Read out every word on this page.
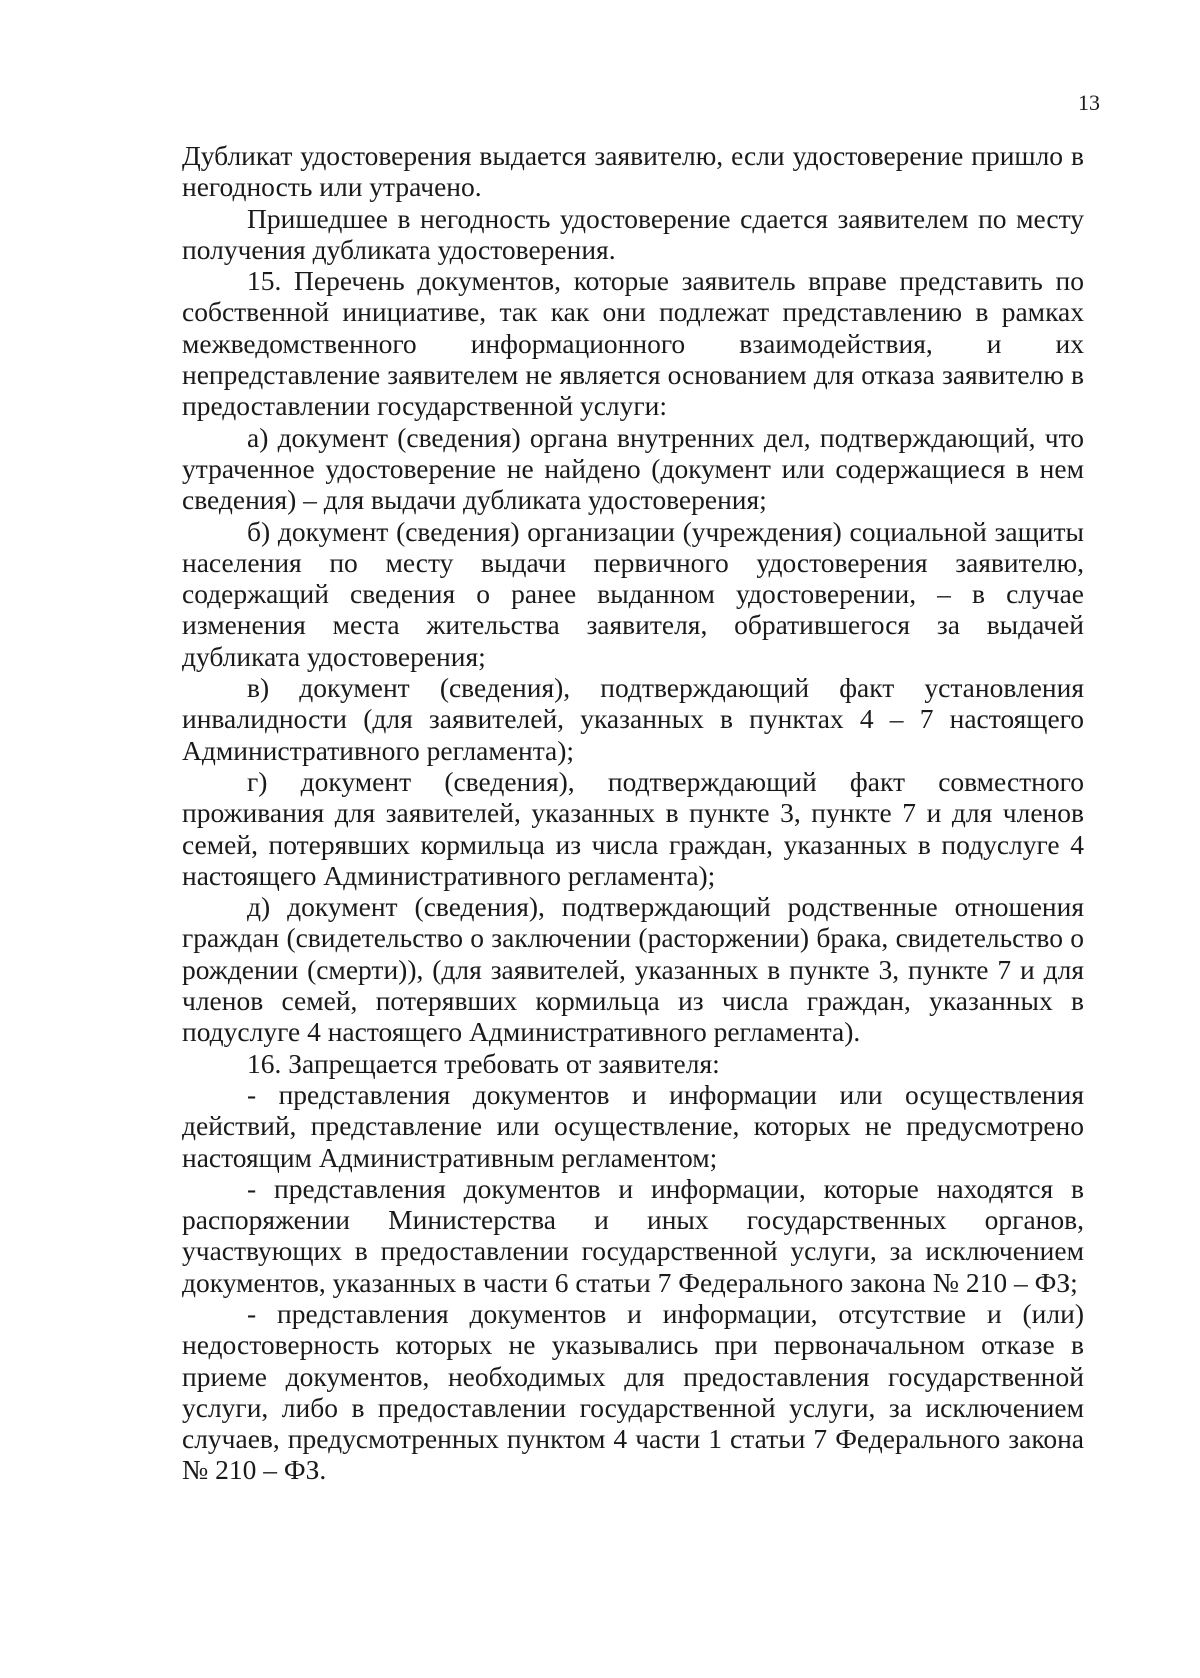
13

Дубликат удостоверения выдается заявителю, если удостоверение пришло в негодность или утрачено.

Пришедшее в негодность удостоверение сдается заявителем по месту получения дубликата удостоверения.

15. Перечень документов, которые заявитель вправе представить по собственной инициативе, так как они подлежат представлению в рамках межведомственного информационного взаимодействия, и их непредставление заявителем не является основанием для отказа заявителю в предоставлении государственной услуги:

а) документ (сведения) органа внутренних дел, подтверждающий, что утраченное удостоверение не найдено (документ или содержащиеся в нем сведения) – для выдачи дубликата удостоверения;

б) документ (сведения) организации (учреждения) социальной защиты населения по месту выдачи первичного удостоверения заявителю, содержащий сведения о ранее выданном удостоверении, – в случае изменения места жительства заявителя, обратившегося за выдачей дубликата удостоверения;

в) документ (сведения), подтверждающий факт установления инвалидности (для заявителей, указанных в пунктах 4 – 7 настоящего Административного регламента);

г) документ (сведения), подтверждающий факт совместного проживания для заявителей, указанных в пункте 3, пункте 7 и для членов семей, потерявших кормильца из числа граждан, указанных в подуслуге 4 настоящего Административного регламента);

д) документ (сведения), подтверждающий родственные отношения граждан (свидетельство о заключении (расторжении) брака, свидетельство о рождении (смерти)), (для заявителей, указанных в пункте 3, пункте 7 и для членов семей, потерявших кормильца из числа граждан, указанных в подуслуге 4 настоящего Административного регламента).

16. Запрещается требовать от заявителя:

- представления документов и информации или осуществления действий, представление или осуществление, которых не предусмотрено настоящим Административным регламентом;

- представления документов и информации, которые находятся в распоряжении Министерства и иных государственных органов, участвующих в предоставлении государственной услуги, за исключением документов, указанных в части 6 статьи 7 Федерального закона № 210 – ФЗ;

- представления документов и информации, отсутствие и (или) недостоверность которых не указывались при первоначальном отказе в приеме документов, необходимых для предоставления государственной услуги, либо в предоставлении государственной услуги, за исключением случаев, предусмотренных пунктом 4 части 1 статьи 7 Федерального закона № 210 – ФЗ.
